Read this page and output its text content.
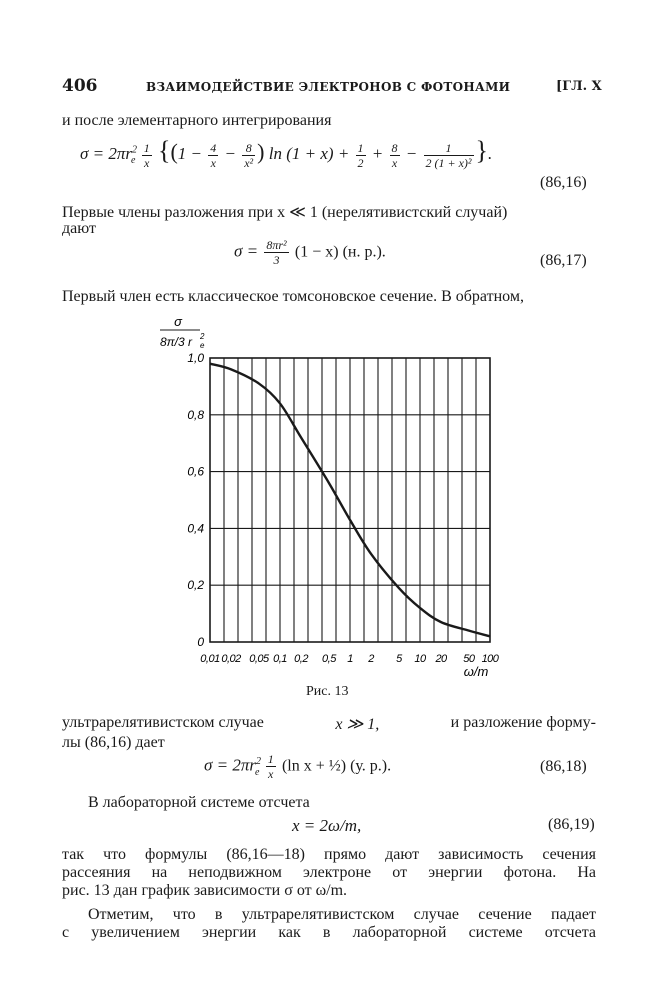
406	ВЗАИМОДЕЙСТВИЕ ЭЛЕКТРОНОВ С ФОТОНАМИ	[ГЛ. Х
и после элементарного интегрирования
$\sigma = 2\pi r^2_e \frac{1}{x} \{(1 - \frac{4}{x} - \frac{8}{\text{x²}}$ ) $\ln (1 + x) + \frac{1}{2} + \frac{8}{x} - \frac{1}{\text{2 (1 + x)²}}$ }.
(86,16)
Первые члены разложения при x ≪ 1 (нерелятивистский случай)
дают
$\sigma = \frac{\text{8πr²}}{3} (1 - x)$ (н. р.).
(86,17)
Первый член есть классическое томсоновское сечение. В обратном,
σ
8π/3 r e
2
0
0,2
0,4
0,6
0,8
1,0
0,01 0,02 0,05 0,1 0,2 0,5 1 2 5 10 20 50 100
ω/m
Рис. 13
ультрарелятивистском случае	x ≫ 1,	и разложение форму-
лы (86,16) дает
$\sigma = 2\pi r^2_e \frac{1}{x} (\ln$ x + ½) (у. р.).	(86,18)
В лабораторной системе отсчета
x = 2ω/m,	(86,19)
так что формулы (86,16—18) прямо дают зависимость сечения
рассеяния на неподвижном электроне от энергии фотона. На
рис. 13 дан график зависимости σ от ω/m.
Отметим, что в ультрарелятивистском случае сечение падает
с увеличением энергии как в лабораторной системе отсчета
